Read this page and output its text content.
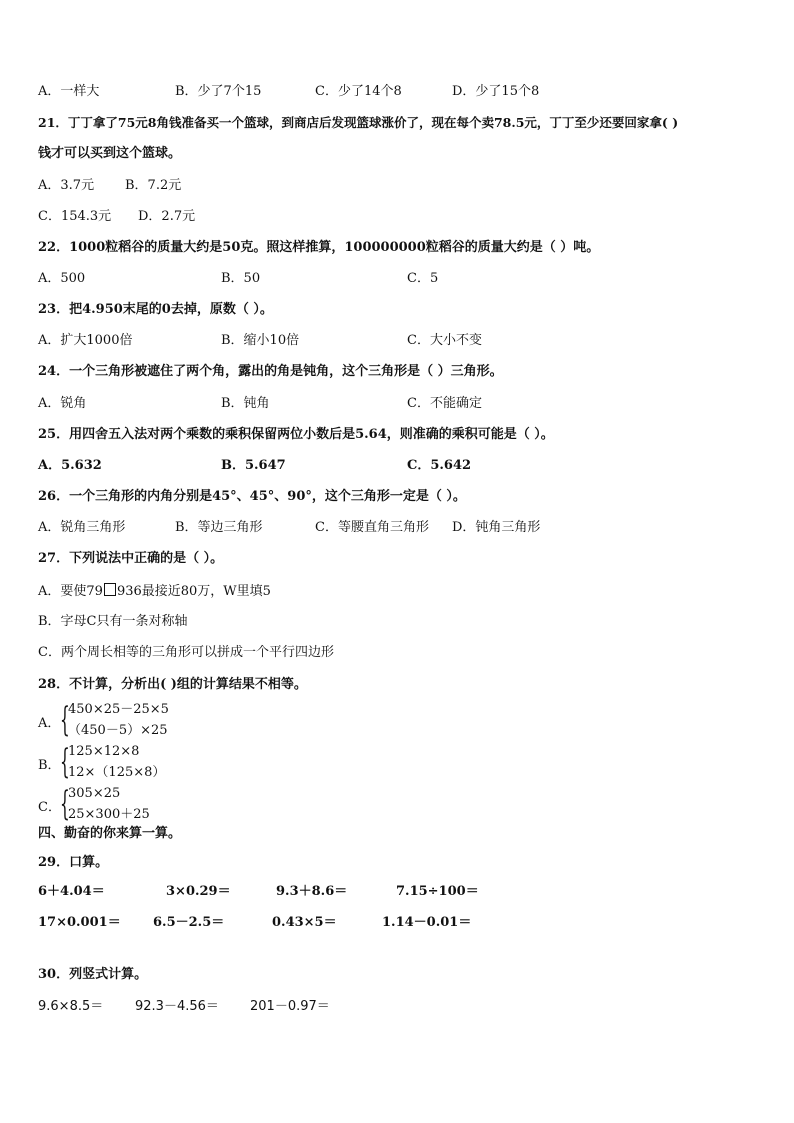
A．一样大	B．少了7个15	C．少了14个8	D．少了15个8
21．丁丁拿了75元8角钱准备买一个篮球，到商店后发现篮球涨价了，现在每个卖78.5元，丁丁至少还要回家拿( )
钱才可以买到这个篮球。
A．3.7元 B．7.2元
C．154.3元 D．2.7元
22．1000粒稻谷的质量大约是50克。照这样推算，100000000粒稻谷的质量大约是（ ）吨。
A．500	B．50	C．5
23．把4.950末尾的0去掉，原数（ ）。
A．扩大1000倍	B．缩小10倍	C．大小不变
24．一个三角形被遮住了两个角，露出的角是钝角，这个三角形是（ ）三角形。
A．锐角	B．钝角	C．不能确定
25．用四舍五入法对两个乘数的乘积保留两位小数后是5.64，则准确的乘积可能是（ ）。
A．5.632	B．5.647	C．5.642
26．一个三角形的内角分别是45°、45°、90°，这个三角形一定是（ ）。
A．锐角三角形	B．等边三角形	C．等腰直角三角形 D．钝角三角形
27．下列说法中正确的是（ ）。
A．要使79 936最接近80万，W里填5
B．字母C只有一条对称轴
C．两个周长相等的三角形可以拼成一个平行四边形
28．不计算，分析出( )组的计算结果不相等。
A． {
450×25－25×5
（450－5）×25
B． {
125×12×8
12×（125×8）
C． {
305×25
25×300＋25
四、勤奋的你来算一算。
29．口算。
6＋4.04＝	3×0.29＝	9.3＋8.6＝	7.15÷100＝
17×0.001＝ 6.5－2.5＝	0.43×5＝	1.14－0.01＝
30．列竖式计算。
9.6×8.5＝ 92.3－4.56＝ 201－0.97＝
